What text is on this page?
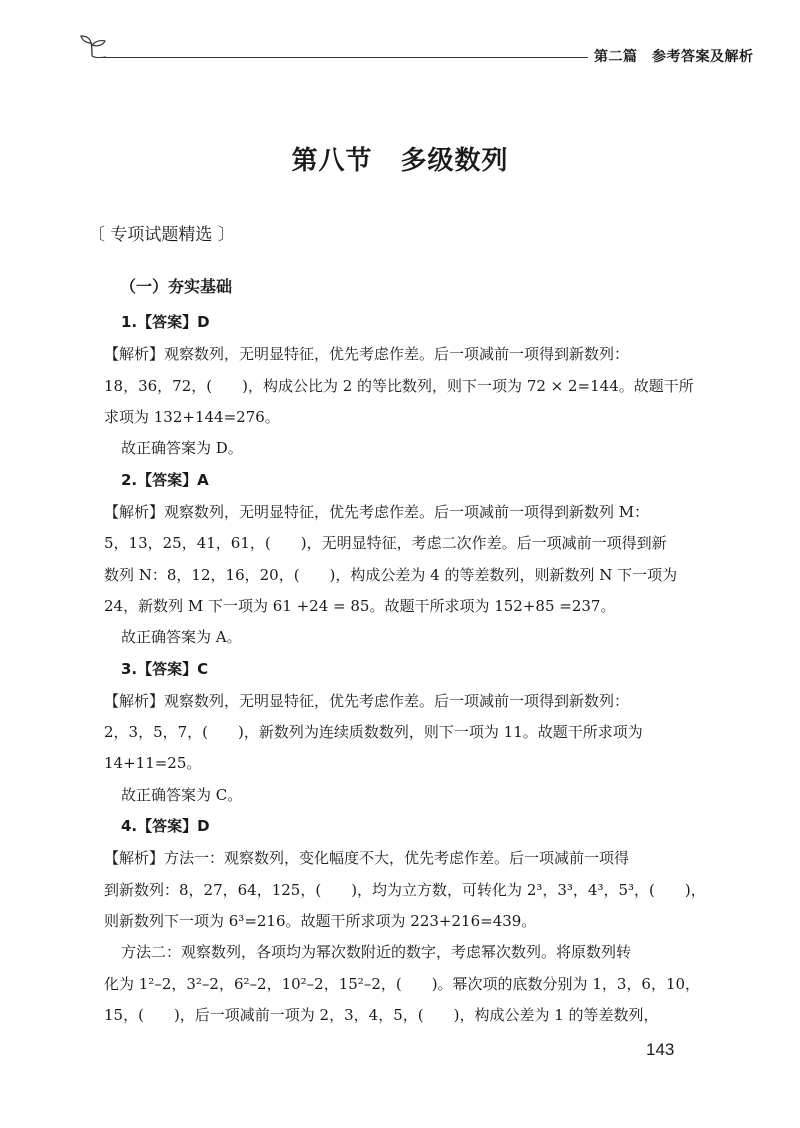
第二篇　参考答案及解析
第八节 多级数列
〔 专项试题精选 〕
（一）夯实基础
1.【答案】D
【解析】观察数列，无明显特征，优先考虑作差。后一项减前一项得到新数列：
18，36，72，(　　)，构成公比为 2 的等比数列，则下一项为 72 × 2=144。故题干所
求项为 132+144=276。
故正确答案为 D。
2.【答案】A
【解析】观察数列，无明显特征，优先考虑作差。后一项减前一项得到新数列 M：
5，13，25，41，61，(　　)，无明显特征，考虑二次作差。后一项减前一项得到新
数列 N：8，12，16，20，(　　)，构成公差为 4 的等差数列，则新数列 N 下一项为
24，新数列 M 下一项为 61 +24 = 85。故题干所求项为 152+85 =237。
故正确答案为 A。
3.【答案】C
【解析】观察数列，无明显特征，优先考虑作差。后一项减前一项得到新数列：
2，3，5，7，(　　)，新数列为连续质数数列，则下一项为 11。故题干所求项为
14+11=25。
故正确答案为 C。
4.【答案】D
【解析】方法一：观察数列，变化幅度不大，优先考虑作差。后一项减前一项得
到新数列：8，27，64，125，(　　)，均为立方数，可转化为 2³，3³，4³，5³，(　　)，
则新数列下一项为 6³=216。故题干所求项为 223+216=439。
方法二：观察数列，各项均为幂次数附近的数字，考虑幂次数列。将原数列转
化为 1²–2，3²–2，6²–2，10²–2，15²–2，(　　)。幂次项的底数分别为 1，3，6，10，
15，(　　)，后一项减前一项为 2，3，4，5，(　　)，构成公差为 1 的等差数列，
143
